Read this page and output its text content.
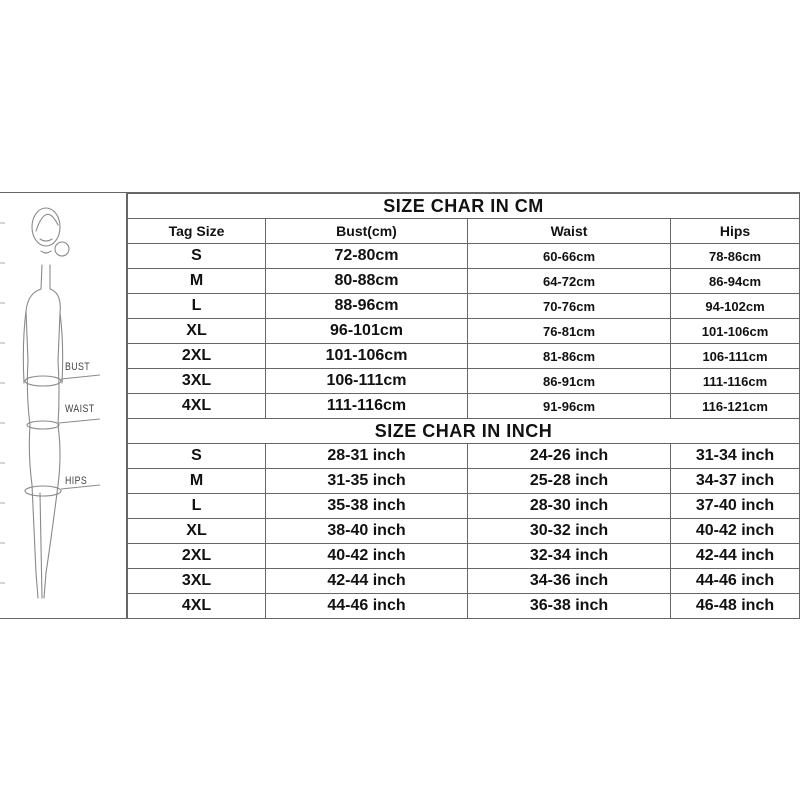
BUST
WAIST
HIPS
SIZE CHAR IN CM			
Tag Size	Bust(cm)	Waist	Hips
S	72-80cm	60-66cm	78-86cm
M	80-88cm	64-72cm	86-94cm
L	88-96cm	70-76cm	94-102cm
XL	96-101cm	76-81cm	101-106cm
2XL	101-106cm	81-86cm	106-111cm
3XL	106-111cm	86-91cm	111-116cm
4XL	111-116cm	91-96cm	116-121cm
SIZE CHAR IN INCH			
S	28-31 inch	24-26 inch	31-34 inch
M	31-35 inch	25-28 inch	34-37 inch
L	35-38 inch	28-30 inch	37-40 inch
XL	38-40 inch	30-32 inch	40-42 inch
2XL	40-42 inch	32-34 inch	42-44 inch
3XL	42-44 inch	34-36 inch	44-46 inch
4XL	44-46 inch	36-38 inch	46-48 inch
